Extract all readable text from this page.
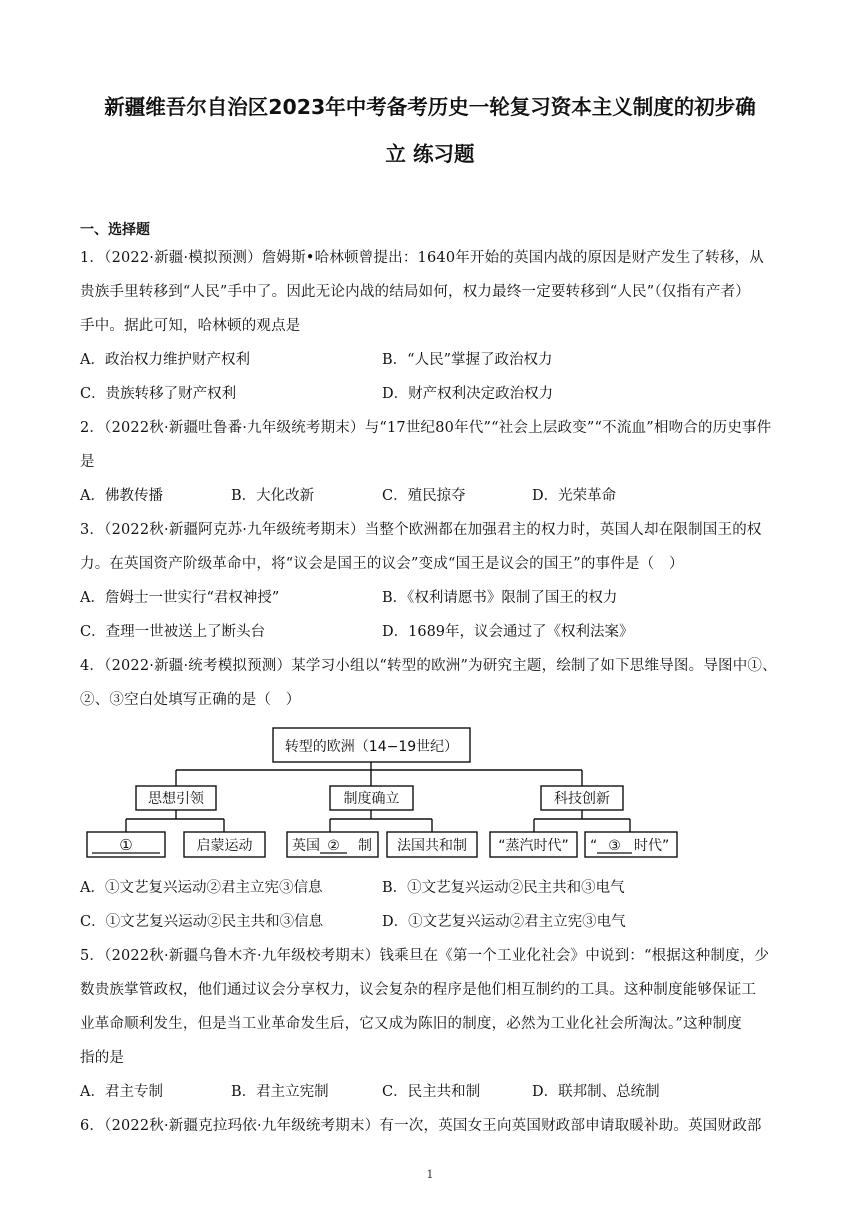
新疆维吾尔自治区2023年中考备考历史一轮复习资本主义制度的初步确
立 练习题
一、选择题
1．（2022·新疆·模拟预测）詹姆斯•哈林顿曾提出：1640年开始的英国内战的原因是财产发生了转移，从
贵族手里转移到“人民”手中了。因此无论内战的结局如何，权力最终一定要转移到“人民”（仅指有产者）
手中。据此可知，哈林顿的观点是
A．政治权力维护财产权利	B．“人民”掌握了政治权力
C．贵族转移了财产权利	D．财产权利决定政治权力
2．（2022秋·新疆吐鲁番·九年级统考期末）与“17世纪80年代”“社会上层政变”“不流血”相吻合的历史事件
是
A．佛教传播	B．大化改新	C．殖民掠夺	D．光荣革命
3．（2022秋·新疆阿克苏·九年级统考期末）当整个欧洲都在加强君主的权力时，英国人却在限制国王的权
力。在英国资产阶级革命中，将“议会是国王的议会”变成“国王是议会的国王”的事件是（　）
A．詹姆士一世实行“君权神授”	B．《权利请愿书》限制了国王的权力
C．查理一世被送上了断头台	D．1689年，议会通过了《权利法案》
4．（2022·新疆·统考模拟预测）某学习小组以“转型的欧洲”为研究主题，绘制了如下思维导图。导图中①、
②、③空白处填写正确的是（　）
转型的欧洲（14−19世纪）
思想引领	制度确立	科技创新
①	启蒙运动	英国 ② 制 法国共和制 “蒸汽时代” “ ③ 时代”
A．①文艺复兴运动②君主立宪③信息	B．①文艺复兴运动②民主共和③电气
C．①文艺复兴运动②民主共和③信息	D．①文艺复兴运动②君主立宪③电气
5．（2022秋·新疆乌鲁木齐·九年级校考期末）钱乘旦在《第一个工业化社会》中说到：“根据这种制度，少
数贵族掌管政权，他们通过议会分享权力，议会复杂的程序是他们相互制约的工具。这种制度能够保证工
业革命顺利发生，但是当工业革命发生后，它又成为陈旧的制度，必然为工业化社会所淘汰。”这种制度
指的是
A．君主专制	B．君主立宪制	C．民主共和制	D．联邦制、总统制
6．（2022秋·新疆克拉玛依·九年级统考期末）有一次，英国女王向英国财政部申请取暖补助。英国财政部
1
